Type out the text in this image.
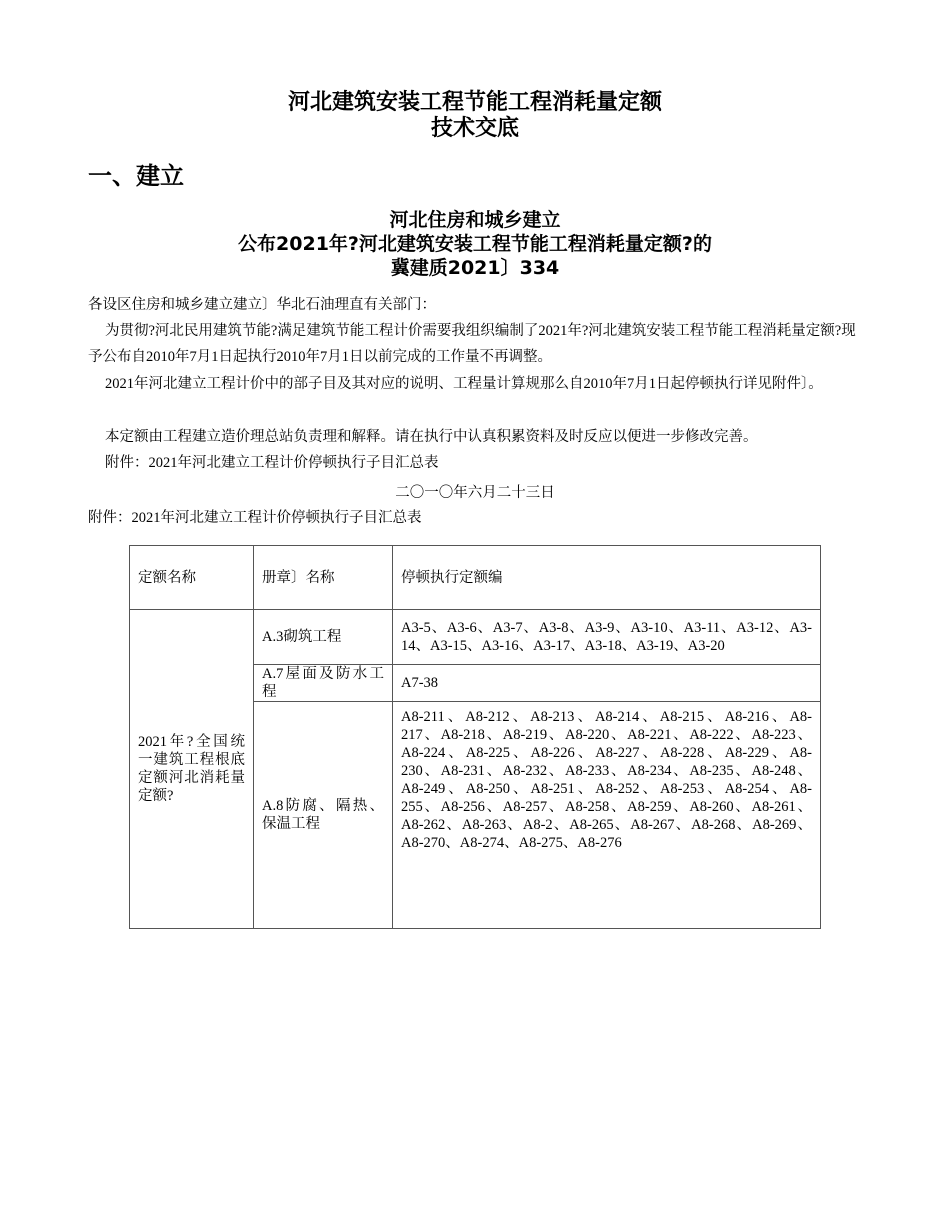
河北建筑安装工程节能工程消耗量定额
技术交底
一、建立
河北住房和城乡建立
公布2021年?河北建筑安装工程节能工程消耗量定额?的
冀建质2021〕334
各设区住房和城乡建立建立〕华北石油理直有关部门：
为贯彻?河北民用建筑节能?满足建筑节能工程计价需要我组织编制了2021年?河北建筑安装工程节能工程消耗量定额?现予公布自2010年7月1日起执行2010年7月1日以前完成的工作量不再调整。
2021年河北建立工程计价中的部子目及其对应的说明、工程量计算规那么自2010年7月1日起停顿执行详见附件〕。
本定额由工程建立造价理总站负责理和解释。请在执行中认真积累资料及时反应以便进一步修改完善。
附件：2021年河北建立工程计价停顿执行子目汇总表
二〇一〇年六月二十三日
附件：2021年河北建立工程计价停顿执行子目汇总表
定额名称	册章〕名称	停顿执行定额编
2021年?全国统一建筑工程根底定额河北消耗量定额?	A.3砌筑工程	A3-5、A3-6、A3-7、A3-8、A3-9、A3-10、A3-11、A3-12、A3-14、A3-15、A3-16、A3-17、A3-18、A3-19、A3-20
	A.7屋面及防水工程	A7-38
	A.8防腐、隔热、保温工程	A8-211、A8-212、A8-213、A8-214、A8-215、A8-216、A8-217、A8-218、A8-219、A8-220、A8-221、A8-222、A8-223、A8-224、A8-225、A8-226、A8-227、A8-228、A8-229、A8-230、A8-231、A8-232、A8-233、A8-234、A8-235、A8-248、A8-249、A8-250、A8-251、A8-252、A8-253、A8-254、A8-255、A8-256、A8-257、A8-258、A8-259、A8-260、A8-261、A8-262、A8-263、A8-2、A8-265、A8-267、A8-268、A8-269、A8-270、A8-274、A8-275、A8-276
